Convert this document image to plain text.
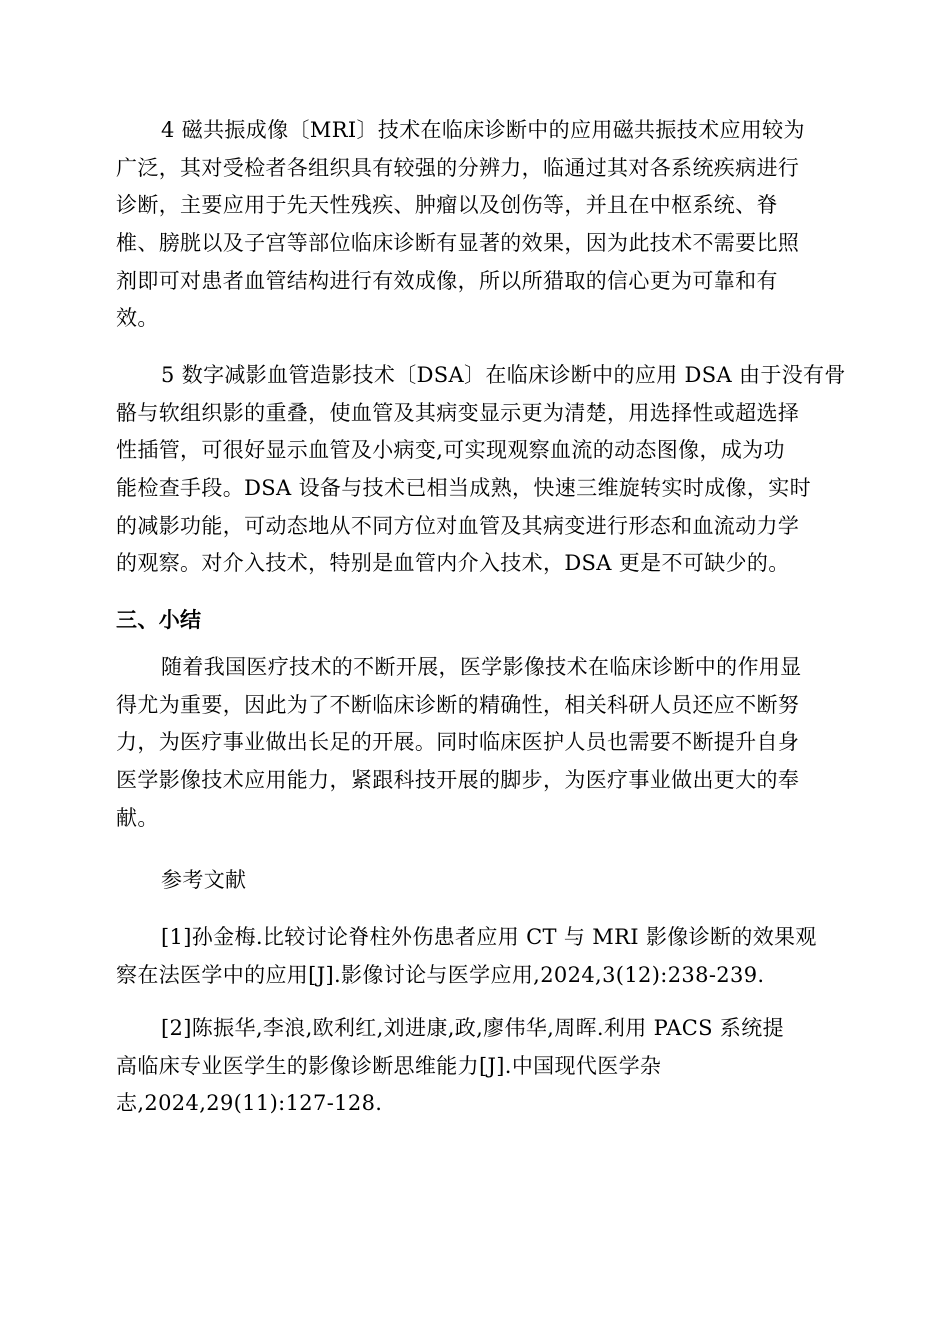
4 磁共振成像〔MRI〕技术在临床诊断中的应用磁共振技术应用较为
广泛，其对受检者各组织具有较强的分辨力，临通过其对各系统疾病进行
诊断，主要应用于先天性残疾、肿瘤以及创伤等，并且在中枢系统、脊
椎、膀胱以及子宫等部位临床诊断有显著的效果，因为此技术不需要比照
剂即可对患者血管结构进行有效成像，所以所猎取的信心更为可靠和有
效。
5 数字减影血管造影技术〔DSA〕在临床诊断中的应用 DSA 由于没有骨
骼与软组织影的重叠，使血管及其病变显示更为清楚，用选择性或超选择
性插管，可很好显示血管及小病变,可实现观察血流的动态图像，成为功
能检查手段。DSA 设备与技术已相当成熟，快速三维旋转实时成像，实时
的减影功能，可动态地从不同方位对血管及其病变进行形态和血流动力学
的观察。对介入技术，特别是血管内介入技术，DSA 更是不可缺少的。
三、小结
随着我国医疗技术的不断开展，医学影像技术在临床诊断中的作用显
得尤为重要，因此为了不断临床诊断的精确性，相关科研人员还应不断努
力，为医疗事业做出长足的开展。同时临床医护人员也需要不断提升自身
医学影像技术应用能力，紧跟科技开展的脚步，为医疗事业做出更大的奉
献。
参考文献
[1]孙金梅.比较讨论脊柱外伤患者应用 CT 与 MRI 影像诊断的效果观
察在法医学中的应用[J].影像讨论与医学应用,2024,3(12):238-239.
[2]陈振华,李浪,欧利红,刘进康,政,廖伟华,周晖.利用 PACS 系统提
高临床专业医学生的影像诊断思维能力[J].中国现代医学杂
志,2024,29(11):127-128.
